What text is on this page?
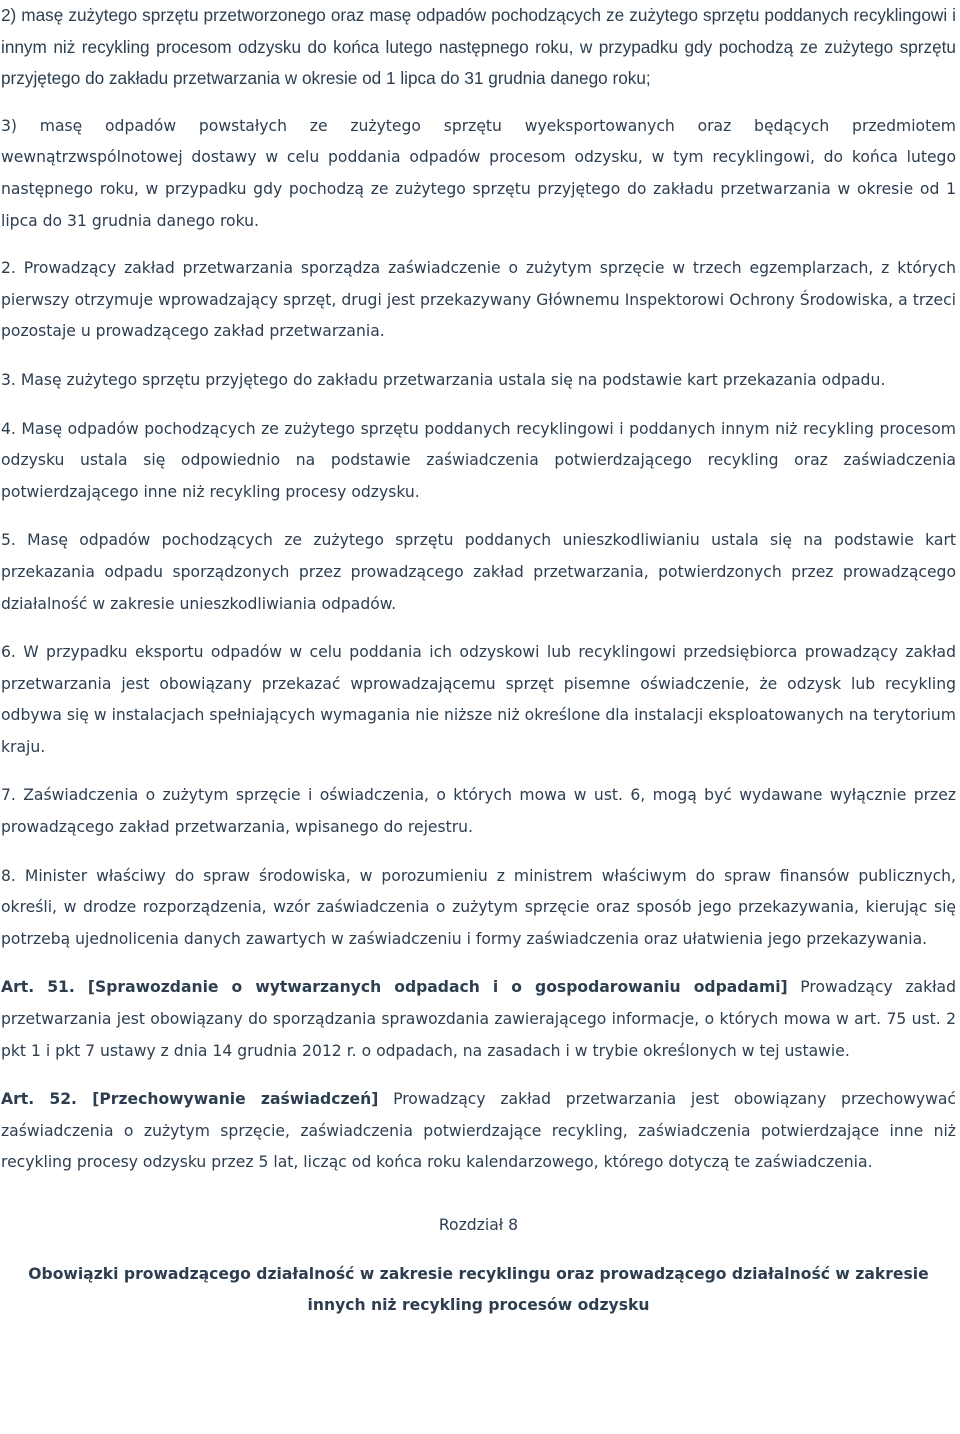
2) masę zużytego sprzętu przetworzonego oraz masę odpadów pochodzących ze zużytego sprzętu poddanych recyklingowi i innym niż recykling procesom odzysku do końca lutego następnego roku, w przypadku gdy pochodzą ze zużytego sprzętu przyjętego do zakładu przetwarzania w okresie od 1 lipca do 31 grudnia danego roku;

3) masę odpadów powstałych ze zużytego sprzętu wyeksportowanych oraz będących przedmiotem wewnątrzwspólnotowej dostawy w celu poddania odpadów procesom odzysku, w tym recyklingowi, do końca lutego następnego roku, w przypadku gdy pochodzą ze zużytego sprzętu przyjętego do zakładu przetwarzania w okresie od 1 lipca do 31 grudnia danego roku.

2. Prowadzący zakład przetwarzania sporządza zaświadczenie o zużytym sprzęcie w trzech egzemplarzach, z których pierwszy otrzymuje wprowadzający sprzęt, drugi jest przekazywany Głównemu Inspektorowi Ochrony Środowiska, a trzeci pozostaje u prowadzącego zakład przetwarzania.

3. Masę zużytego sprzętu przyjętego do zakładu przetwarzania ustala się na podstawie kart przekazania odpadu.

4. Masę odpadów pochodzących ze zużytego sprzętu poddanych recyklingowi i poddanych innym niż recykling procesom odzysku ustala się odpowiednio na podstawie zaświadczenia potwierdzającego recykling oraz zaświadczenia potwierdzającego inne niż recykling procesy odzysku.

5. Masę odpadów pochodzących ze zużytego sprzętu poddanych unieszkodliwianiu ustala się na podstawie kart przekazania odpadu sporządzonych przez prowadzącego zakład przetwarzania, potwierdzonych przez prowadzącego działalność w zakresie unieszkodliwiania odpadów.

6. W przypadku eksportu odpadów w celu poddania ich odzyskowi lub recyklingowi przedsiębiorca prowadzący zakład przetwarzania jest obowiązany przekazać wprowadzającemu sprzęt pisemne oświadczenie, że odzysk lub recykling odbywa się w instalacjach spełniających wymagania nie niższe niż określone dla instalacji eksploatowanych na terytorium kraju.

7. Zaświadczenia o zużytym sprzęcie i oświadczenia, o których mowa w ust. 6, mogą być wydawane wyłącznie przez prowadzącego zakład przetwarzania, wpisanego do rejestru.

8. Minister właściwy do spraw środowiska, w porozumieniu z ministrem właściwym do spraw finansów publicznych, określi, w drodze rozporządzenia, wzór zaświadczenia o zużytym sprzęcie oraz sposób jego przekazywania, kierując się potrzebą ujednolicenia danych zawartych w zaświadczeniu i formy zaświadczenia oraz ułatwienia jego przekazywania.

Art. 51. [Sprawozdanie o wytwarzanych odpadach i o gospodarowaniu odpadami] Prowadzący zakład przetwarzania jest obowiązany do sporządzania sprawozdania zawierającego informacje, o których mowa w art. 75 ust. 2 pkt 1 i pkt 7 ustawy z dnia 14 grudnia 2012 r. o odpadach, na zasadach i w trybie określonych w tej ustawie.

Art. 52. [Przechowywanie zaświadczeń] Prowadzący zakład przetwarzania jest obowiązany przechowywać zaświadczenia o zużytym sprzęcie, zaświadczenia potwierdzające recykling, zaświadczenia potwierdzające inne niż recykling procesy odzysku przez 5 lat, licząc od końca roku kalendarzowego, którego dotyczą te zaświadczenia.

Rozdział 8
Obowiązki prowadzącego działalność w zakresie recyklingu oraz prowadzącego działalność w zakresie innych niż recykling procesów odzysku
